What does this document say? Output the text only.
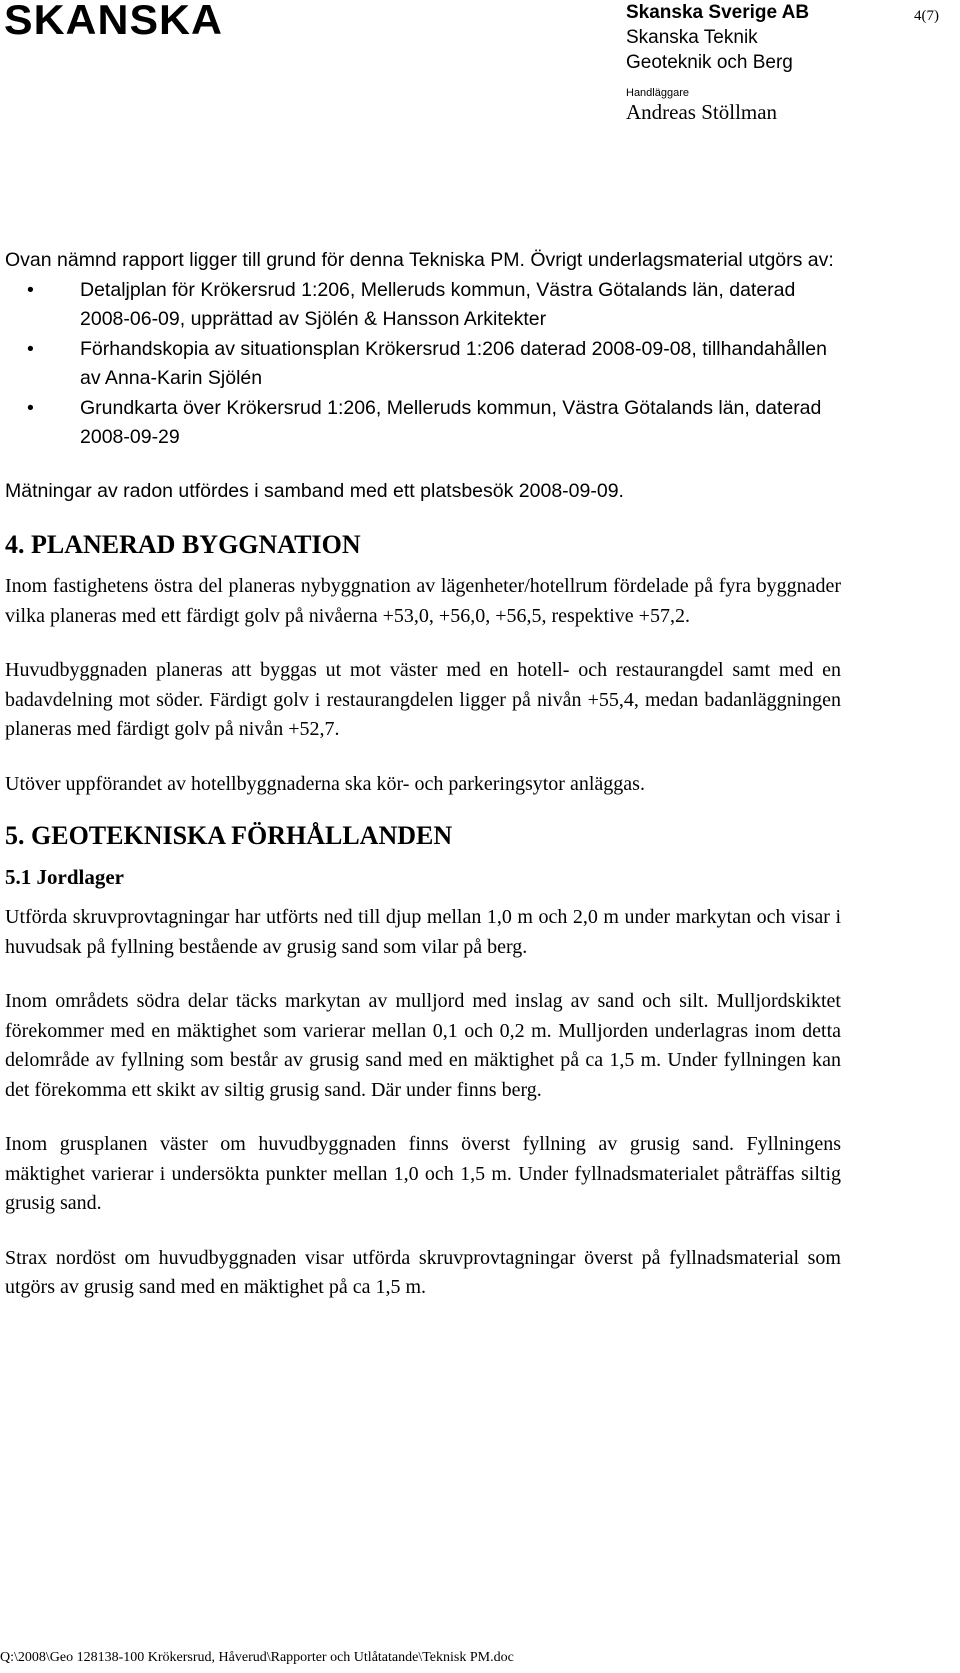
SKANSKA	Skanska Sverige AB
Skanska Teknik
Geoteknik och Berg
Handläggare
Andreas Stöllman
4(7)

Ovan nämnd rapport ligger till grund för denna Tekniska PM. Övrigt underlagsmaterial utgörs av:

• Detaljplan för Krökersrud 1:206, Melleruds kommun, Västra Götalands län, daterad 2008-06-09, upprättad av Sjölén & Hansson Arkitekter
• Förhandskopia av situationsplan Krökersrud 1:206 daterad 2008-09-08, tillhandahållen av Anna-Karin Sjölén
• Grundkarta över Krökersrud 1:206, Melleruds kommun, Västra Götalands län, daterad 2008-09-29

Mätningar av radon utfördes i samband med ett platsbesök 2008-09-09.

4. PLANERAD BYGGNATION

Inom fastighetens östra del planeras nybyggnation av lägenheter/hotellrum fördelade på fyra byggnader vilka planeras med ett färdigt golv på nivåerna +53,0, +56,0, +56,5, respektive +57,2.

Huvudbyggnaden planeras att byggas ut mot väster med en hotell- och restaurangdel samt med en badavdelning mot söder. Färdigt golv i restaurangdelen ligger på nivån +55,4, medan badanläggningen planeras med färdigt golv på nivån +52,7.

Utöver uppförandet av hotellbyggnaderna ska kör- och parkeringsytor anläggas.

5. GEOTEKNISKA FÖRHÅLLANDEN
5.1 Jordlager

Utförda skruvprovtagningar har utförts ned till djup mellan 1,0 m och 2,0 m under markytan och visar i huvudsak på fyllning bestående av grusig sand som vilar på berg.

Inom områdets södra delar täcks markytan av mulljord med inslag av sand och silt. Mulljordskiktet förekommer med en mäktighet som varierar mellan 0,1 och 0,2 m. Mulljorden underlagras inom detta delområde av fyllning som består av grusig sand med en mäktighet på ca 1,5 m. Under fyllningen kan det förekomma ett skikt av siltig grusig sand. Där under finns berg.

Inom grusplanen väster om huvudbyggnaden finns överst fyllning av grusig sand. Fyllningens mäktighet varierar i undersökta punkter mellan 1,0 och 1,5 m. Under fyllnadsmaterialet påträffas siltig grusig sand.

Strax nordöst om huvudbyggnaden visar utförda skruvprovtagningar överst på fyllnadsmaterial som utgörs av grusig sand med en mäktighet på ca 1,5 m.

Q:\2008\Geo 128138-100 Krökersrud, Håverud\Rapporter och Utlåtatande\Teknisk PM.doc
